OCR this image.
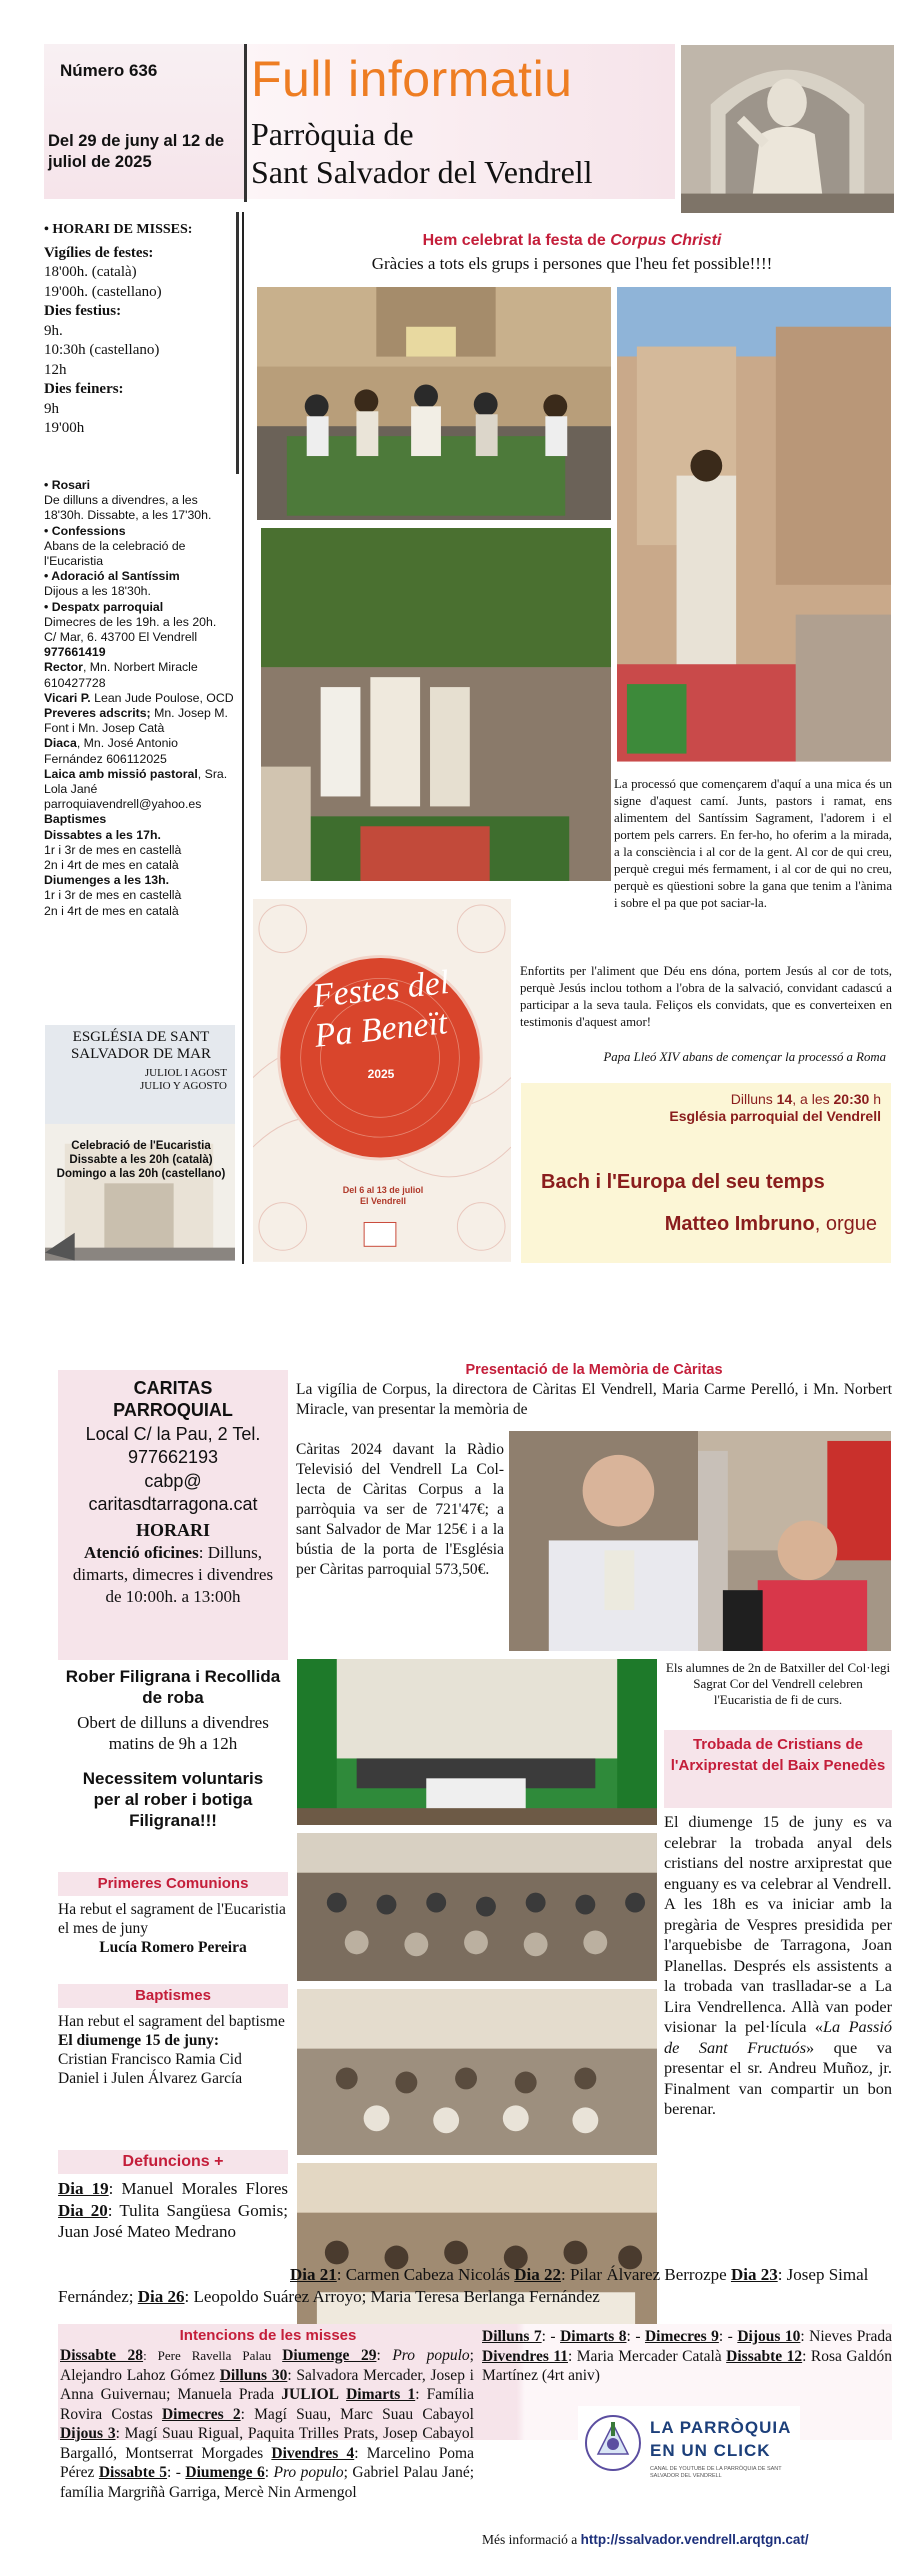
Número 636
Del 29 de juny al 12 de juliol de 2025
Full informatiu
Parròquia de
Sant Salvador del Vendrell
• HORARI DE MISSES:
Vigílies de festes:
18'00h. (català)
19'00h. (castellano)
Dies festius:
9h.
10:30h (castellano)
12h
Dies feiners:
9h
19'00h
• Rosari
De dilluns a divendres, a les 18'30h. Dissabte, a les 17'30h.
• Confessions
Abans de la celebració de l'Eucaristia
• Adoració al Santíssim
Dijous a les 18'30h.
• Despatx parroquial
Dimecres de les 19h. a les 20h.
C/ Mar, 6. 43700 El Vendrell
977661419
Rector, Mn. Norbert Miracle
610427728
Vicari P. Lean Jude Poulose, OCD
Preveres adscrits; Mn. Josep M. Font i Mn. Josep Catà
Diaca, Mn. José Antonio Fernández 606112025
Laica amb missió pastoral, Sra. Lola Jané
parroquiavendrell@yahoo.es
Baptismes
Dissabtes a les 17h.
1r i 3r de mes en castellà
2n i 4rt de mes en català
Diumenges a les 13h.
1r i 3r de mes en castellà
2n i 4rt de mes en català
ESGLÉSIA DE SANT
SALVADOR DE MAR
JULIOL I AGOST
JULIO Y AGOSTO
Celebració de l'Eucaristia
Dissabte a les 20h (català)
Domingo a las 20h (castellano)
Hem celebrat la festa de Corpus Christi
Gràcies a tots els grups i persones que l'heu fet possible!!!!
La processó que començarem d'aquí a una mica és un signe d'aquest camí. Junts, pastors i ramat, ens alimentem del Santíssim Sagrament, l'adorem i el portem pels carrers. En fer-ho, ho oferim a la mirada, a la consciència i al cor de la gent. Al cor de qui creu, perquè cregui més fermament, i al cor de qui no creu, perquè es qüestioni sobre la gana que tenim a l'ànima i sobre el pa que pot saciar-la.
Enfortits per l'aliment que Déu ens dóna, portem Jesús al cor de tots, perquè Jesús inclou tothom a l'obra de la salvació, convidant cadascú a participar a la seva taula. Feliços els convidats, que es converteixen en testimonis d'aquest amor!
Papa Lleó XIV abans de començar la processó a Roma
Festes del
Pa Beneït
2025
Del 6 al 13 de juliol
El Vendrell
Dilluns 14, a les 20:30 h
Església parroquial del Vendrell
Bach i l'Europa del seu temps
Matteo Imbruno, orgue
CARITAS
PARROQUIAL
Local C/ la Pau, 2 Tel. 977662193
cabp@ caritasdtarragona.cat
HORARI
Atenció oficines: Dilluns, dimarts, dimecres i divendres de 10:00h. a 13:00h
Rober Filigrana i Recollida de roba
Obert de dilluns a divendres matins de 9h a 12h
Necessitem voluntaris per al rober i botiga Filigrana!!!
Presentació de la Memòria de Càritas
La vigília de Corpus, la directora de Càritas El Vendrell, Maria Carme Perelló, i Mn. Norbert Miracle, van presentar la memòria de
Càritas 2024 davant la Ràdio Televisió del Vendrell La Col-lecta de Càritas Corpus a la parròquia va ser de 721'47€; a sant Salvador de Mar 125€ i a la bústia de la porta de l'Església per Càritas parroquial 573,50€.
Els alumnes de 2n de Batxiller del Col·legi Sagrat Cor del Vendrell celebren l'Eucaristia de fi de curs.
Trobada de Cristians de l'Arxiprestat del Baix Penedès
El diumenge 15 de juny es va celebrar la trobada anyal dels cristians del nostre arxiprestat que enguany es va celebrar al Vendrell.
A les 18h es va iniciar amb la pregària de Vespres presidida per l'arquebisbe de Tarragona, Joan Planellas. Després els assistents a la trobada van traslladar-se a La Lira Vendrellenca. Allà van poder visionar la pel·lícula «La Passió de Sant Fructuós» que va presentar el sr. Andreu Muñoz, jr. Finalment van compartir un bon berenar.
Primeres Comunions
Ha rebut el sagrament de l'Eucaristia el mes de juny
Lucía Romero Pereira
Baptismes
Han rebut el sagrament del baptisme
El diumenge 15 de juny:
Cristian Francisco Ramia Cid
Daniel i Julen Álvarez García
Defuncions +
Dia 19: Manuel Morales Flores Dia 20: Tulita Sangüesa Gomis; Juan José Mateo Medrano
Dia 21: Carmen Cabeza Nicolás Dia 22: Pilar Álvarez Berrozpe Dia 23: Josep Simal Fernández; Dia 26: Leopoldo Suárez Arroyo; Maria Teresa Berlanga Fernández
Intencions de les misses
Dissabte 28: Pere Ravella Palau Diumenge 29: Pro populo; Alejandro Lahoz Gómez Dilluns 30: Salvadora Mercader, Josep i Anna Guivernau; Manuela Prada JULIOL Dimarts 1: Família Rovira Costas Dimecres 2: Magí Suau, Marc Suau Cabayol Dijous 3: Magí Suau Rigual, Paquita Trilles Prats, Josep Cabayol Bargalló, Montserrat Morgades Divendres 4: Marcelino Poma Pérez Dissabte 5: - Diumenge 6: Pro populo; Gabriel Palau Jané; família Margriñà Garriga, Mercè Nin Armengol
Dilluns 7: - Dimarts 8: - Dimecres 9: - Dijous 10: Nieves Prada Divendres 11: Maria Mercader Català Dissabte 12: Rosa Galdón Martínez (4rt aniv)
LA PARRÒQUIA
EN UN CLICK
CANAL DE YOUTUBE DE LA PARRÒQUIA DE SANT SALVADOR DEL VENDRELL
Més informació a http://ssalvador.vendrell.arqtgn.cat/
